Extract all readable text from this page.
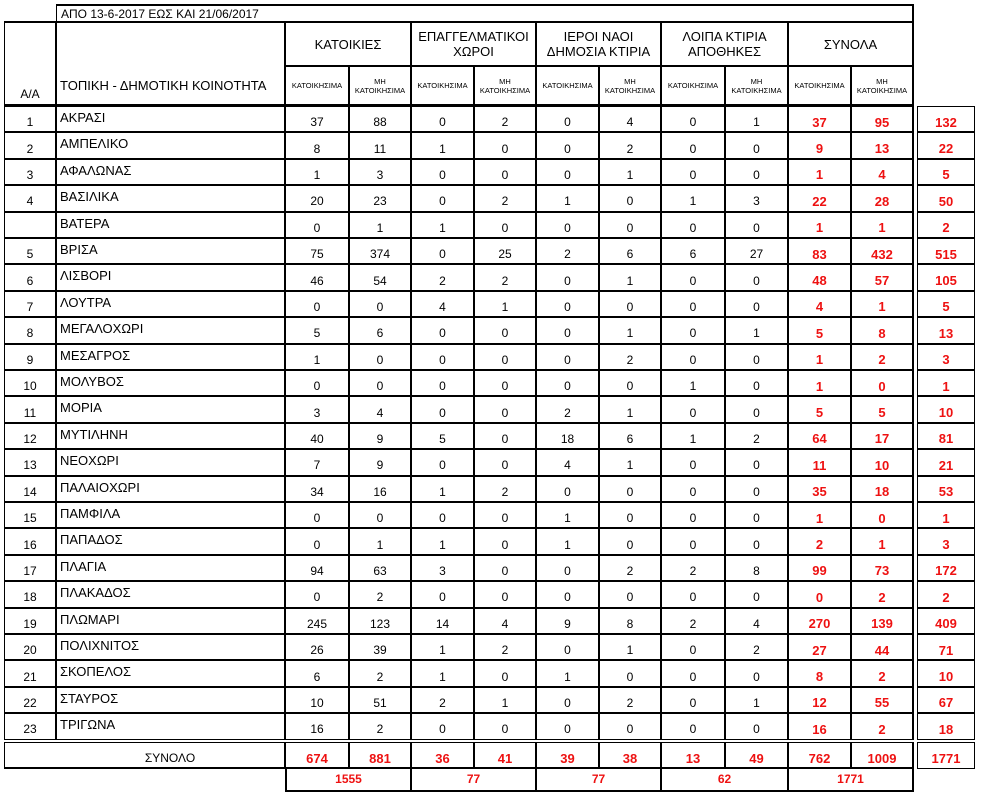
ΑΠΟ 13-6-2017 ΕΩΣ ΚΑΙ 21/06/2017
Α/Α
ΤΟΠΙΚΗ - ΔΗΜΟΤΙΚΗ ΚΟΙΝΟΤΗΤΑ
ΚΑΤΟΙΚΙΕΣ
ΚΑΤΟΙΚΗΣΙΜΑ	ΜΗ ΚΑΤΟΙΚΗΣΙΜΑ
ΕΠΑΓΓΕΛΜΑΤΙΚΟΙ ΧΩΡΟΙ
ΚΑΤΟΙΚΗΣΙΜΑ	ΜΗ ΚΑΤΟΙΚΗΣΙΜΑ
ΙΕΡΟΙ ΝΑΟΙ ΔΗΜΟΣΙΑ ΚΤΙΡΙΑ
ΚΑΤΟΙΚΗΣΙΜΑ	ΜΗ ΚΑΤΟΙΚΗΣΙΜΑ
ΛΟΙΠΑ ΚΤΙΡΙΑ ΑΠΟΘΗΚΕΣ
ΚΑΤΟΙΚΗΣΙΜΑ	ΜΗ ΚΑΤΟΙΚΗΣΙΜΑ
ΣΥΝΟΛΑ
ΚΑΤΟΙΚΗΣΙΜΑ	ΜΗ ΚΑΤΟΙΚΗΣΙΜΑ
1	ΑΚΡΑΣΙ	37	88	0	2	0	4	0	1	37	95	132
2	ΑΜΠΕΛΙΚΟ	8	11	1	0	0	2	0	0	9	13	22
3	ΑΦΑΛΩΝΑΣ	1	3	0	0	0	1	0	0	1	4	5
4	ΒΑΣΙΛΙΚΑ	20	23	0	2	1	0	1	3	22	28	50
ΒΑΤΕΡΑ	0	1	1	0	0	0	0	0	1	1	2
5	ΒΡΙΣΑ	75	374	0	25	2	6	6	27	83	432	515
6	ΛΙΣΒΟΡΙ	46	54	2	2	0	1	0	0	48	57	105
7	ΛΟΥΤΡΑ	0	0	4	1	0	0	0	0	4	1	5
8	ΜΕΓΑΛΟΧΩΡΙ	5	6	0	0	0	1	0	1	5	8	13
9	ΜΕΣΑΓΡΟΣ	1	0	0	0	0	2	0	0	1	2	3
10	ΜΟΛΥΒΟΣ	0	0	0	0	0	0	1	0	1	0	1
11	ΜΟΡΙΑ	3	4	0	0	2	1	0	0	5	5	10
12	ΜΥΤΙΛΗΝΗ	40	9	5	0	18	6	1	2	64	17	81
13	ΝΕΟΧΩΡΙ	7	9	0	0	4	1	0	0	11	10	21
14	ΠΑΛΑΙΟΧΩΡΙ	34	16	1	2	0	0	0	0	35	18	53
15	ΠΑΜΦΙΛΑ	0	0	0	0	1	0	0	0	1	0	1
16	ΠΑΠΑΔΟΣ	0	1	1	0	1	0	0	0	2	1	3
17	ΠΛΑΓΙΑ	94	63	3	0	0	2	2	8	99	73	172
18	ΠΛΑΚΑΔΟΣ	0	2	0	0	0	0	0	0	0	2	2
19	ΠΛΩΜΑΡΙ	245	123	14	4	9	8	2	4	270	139	409
20	ΠΟΛΙΧΝΙΤΟΣ	26	39	1	2	0	1	0	2	27	44	71
21	ΣΚΟΠΕΛΟΣ	6	2	1	0	1	0	0	0	8	2	10
22	ΣΤΑΥΡΟΣ	10	51	2	1	0	2	0	1	12	55	67
23	ΤΡΙΓΩΝΑ	16	2	0	0	0	0	0	0	16	2	18
ΣΥΝΟΛΟ	674	881	36	41	39	38	13	49	762	1009	1771
1555	77	77	62	1771
